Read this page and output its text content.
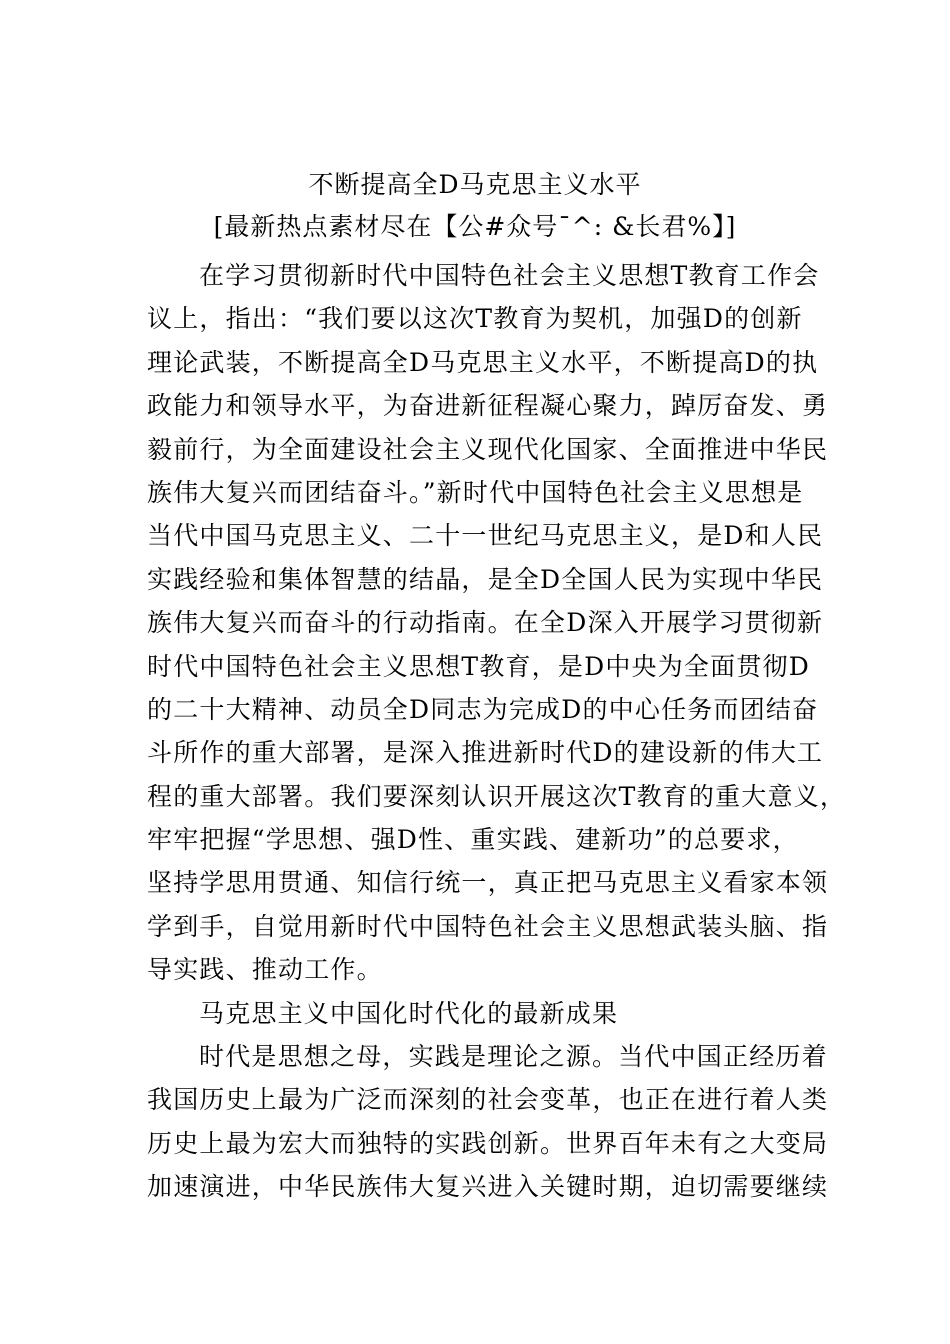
不断提高全D马克思主义水平
[最新热点素材尽在【公#众号¯^: &长君%】]
在学习贯彻新时代中国特色社会主义思想T教育工作会
议上，指出：“我们要以这次T教育为契机，加强D的创新
理论武装，不断提高全D马克思主义水平，不断提高D的执
政能力和领导水平，为奋进新征程凝心聚力，踔厉奋发、勇
毅前行，为全面建设社会主义现代化国家、全面推进中华民
族伟大复兴而团结奋斗。”新时代中国特色社会主义思想是
当代中国马克思主义、二十一世纪马克思主义，是D和人民
实践经验和集体智慧的结晶，是全D全国人民为实现中华民
族伟大复兴而奋斗的行动指南。在全D深入开展学习贯彻新
时代中国特色社会主义思想T教育，是D中央为全面贯彻D
的二十大精神、动员全D同志为完成D的中心任务而团结奋
斗所作的重大部署，是深入推进新时代D的建设新的伟大工
程的重大部署。我们要深刻认识开展这次T教育的重大意义，
牢牢把握“学思想、强D性、重实践、建新功”的总要求，
坚持学思用贯通、知信行统一，真正把马克思主义看家本领
学到手，自觉用新时代中国特色社会主义思想武装头脑、指
导实践、推动工作。
马克思主义中国化时代化的最新成果
时代是思想之母，实践是理论之源。当代中国正经历着
我国历史上最为广泛而深刻的社会变革，也正在进行着人类
历史上最为宏大而独特的实践创新。世界百年未有之大变局
加速演进，中华民族伟大复兴进入关键时期，迫切需要继续
